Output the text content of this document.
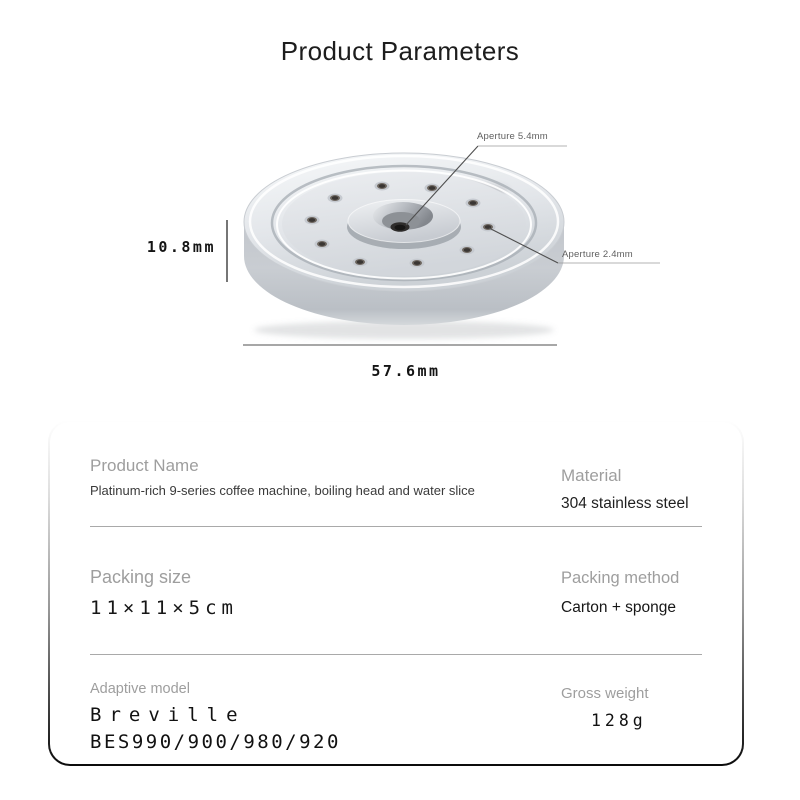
Product Parameters
Aperture 5.4mm
Aperture 2.4mm
10.8mm
57.6mm
Product Name
Platinum-rich 9-series coffee machine, boiling head and water slice
Material
304 stainless steel
Packing size
11×11×5cm
Packing method
Carton + sponge
Adaptive model
Breville
BES990/900/980/920
Gross weight
128g
